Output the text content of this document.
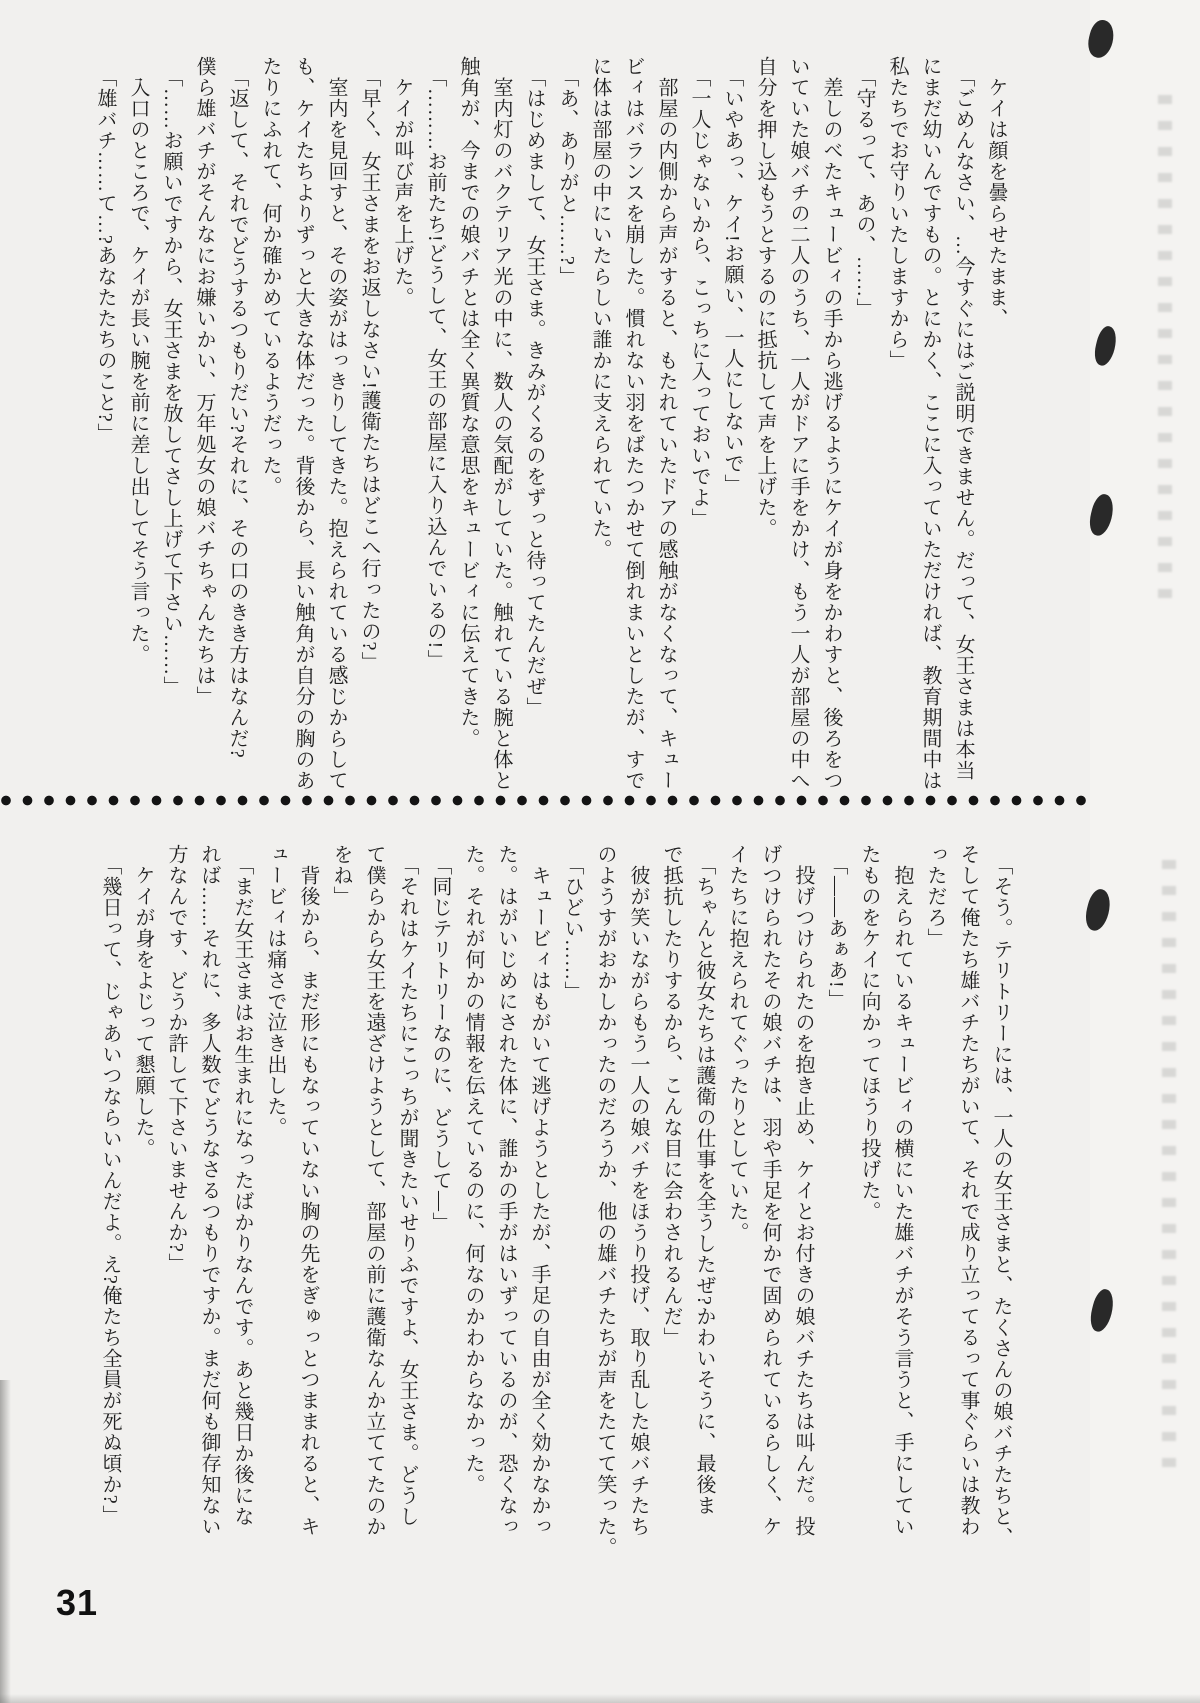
　ケイは顔を曇らせたまま、

　「ごめんなさい、…今すぐにはご説明できません。だって、女王さまは本当

にまだ幼いんですもの。とにかく、ここに入っていただければ、教育期間中は

私たちでお守りいたしますから」

　「守るって、あの、……」

　差しのべたキュービィの手から逃げるようにケイが身をかわすと、後ろをつ

いていた娘バチの二人のうち、一人がドアに手をかけ、もう一人が部屋の中へ

自分を押し込もうとするのに抵抗して声を上げた。

　「いやあっ、ケイ!お願い、一人にしないで」

　「一人じゃないから、こっちに入っておいでよ」

　部屋の内側から声がすると、もたれていたドアの感触がなくなって、キュー

ビィはバランスを崩した。慣れない羽をばたつかせて倒れまいとしたが、すで

に体は部屋の中にいたらしい誰かに支えられていた。

　「あ、ありがと……?」

　「はじめまして、女王さま。きみがくるのをずっと待ってたんだぜ」

　室内灯のバクテリア光の中に、数人の気配がしていた。触れている腕と体と

触角が、今までの娘バチとは全く異質な意思をキュービィに伝えてきた。

　「………お前たち!どうして、女王の部屋に入り込んでいるの!」

　ケイが叫び声を上げた。

　「早く、女王さまをお返しなさい!護衛たちはどこへ行ったの?」

　室内を見回すと、その姿がはっきりしてきた。抱えられている感じからして

も、ケイたちよりずっと大きな体だった。背後から、長い触角が自分の胸のあ

たりにふれて、何か確かめているようだった。

　「返して、それでどうするつもりだい?それに、その口のきき方はなんだ?

僕ら雄バチがそんなにお嫌いかい、万年処女の娘バチちゃんたちは」

　「……お願いですから、女王さまを放してさし上げて下さい……」

　入口のところで、ケイが長い腕を前に差し出してそう言った。

　「雄バチ……て…?あなたたちのこと?」

　「そう。テリトリーには、一人の女王さまと、たくさんの娘バチたちと、

そして俺たち雄バチたちがいて、それで成り立ってるって事ぐらいは教わ

っただろ」

　抱えられているキュービィの横にいた雄バチがそう言うと、手にしてい

たものをケイに向かってほうり投げた。

　「――あぁあ!」

　投げつけられたのを抱き止め、ケイとお付きの娘バチたちは叫んだ。投

げつけられたその娘バチは、羽や手足を何かで固められているらしく、ケ

イたちに抱えられてぐったりとしていた。

　「ちゃんと彼女たちは護衛の仕事を全うしたぜ?かわいそうに、最後ま

で抵抗したりするから、こんな目に会わされるんだ」

　彼が笑いながらもう一人の娘バチをほうり投げ、取り乱した娘バチたち

のようすがおかしかったのだろうか、他の雄バチたちが声をたてて笑った。

　「ひどい……」

　キュービィはもがいて逃げようとしたが、手足の自由が全く効かなかっ

た。はがいじめにされた体に、誰かの手がはいずっているのが、恐くなっ

た。それが何かの情報を伝えているのに、何なのかわからなかった。

　「同じテリトリーなのに、どうして―」

　「それはケイたちにこっちが聞きたいせりふですよ、女王さま。どうし

て僕らから女王を遠ざけようとして、部屋の前に護衛なんか立ててたのか

をね」

　背後から、まだ形にもなっていない胸の先をぎゅっとつままれると、キ

ュービィは痛さで泣き出した。

　「まだ女王さまはお生まれになったばかりなんです。あと幾日か後にな

れば……それに、多人数でどうなさるつもりですか。まだ何も御存知ない

方なんです、どうか許して下さいませんか?」

　ケイが身をよじって懇願した。

　「幾日って、じゃあいつならいいんだよ。え?俺たち全員が死ぬ頃か?」

31
